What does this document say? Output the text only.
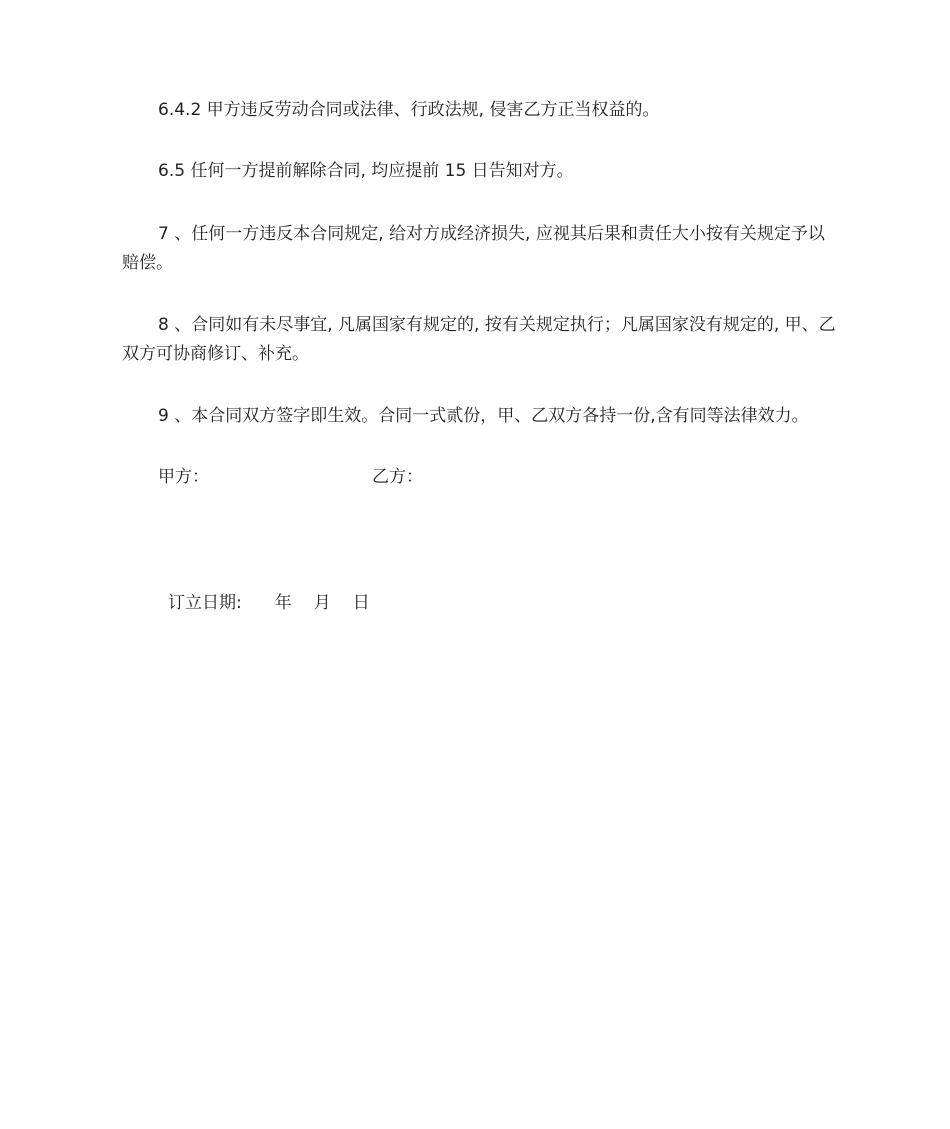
6.4.2 甲方违反劳动合同或法律、行政法规, 侵害乙方正当权益的。

6.5 任何一方提前解除合同, 均应提前 15 日告知对方。

7 、任何一方违反本合同规定, 给对方成经济损失, 应视其后果和责任大小按有关规定予以赔偿。

8 、合同如有未尽事宜, 凡属国家有规定的, 按有关规定执行；凡属国家没有规定的, 甲、乙双方可协商修订、补充。

9 、本合同双方签字即生效。合同一式贰份，甲、乙双方各持一份,含有同等法律效力。

甲方：	乙方：

订立日期: 年 月 日
